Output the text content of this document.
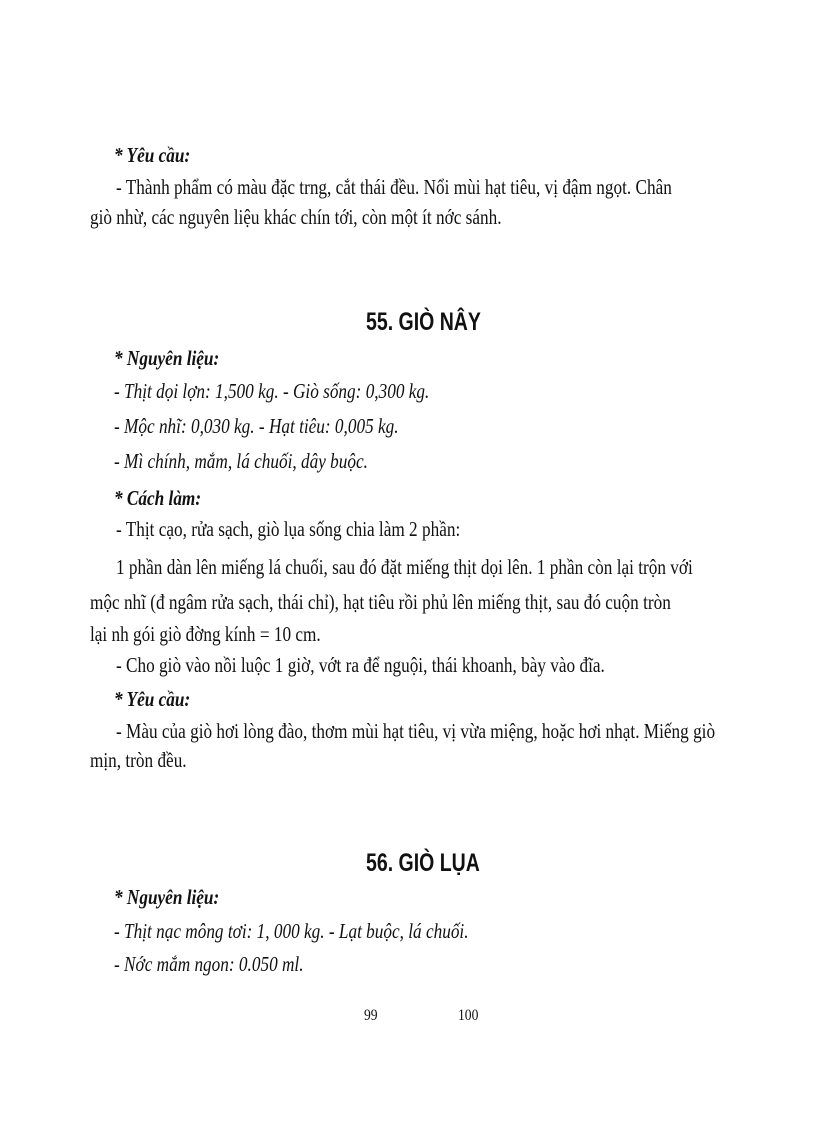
* Yêu cầu:
- Thành phẩm có màu đặc trng, cắt thái đều. Nổi mùi hạt tiêu, vị đậm ngọt. Chân
giò nhừ, các nguyên liệu khác chín tới, còn một ít nớc sánh.
55. GIÒ NÂY
* Nguyên liệu:
- Thịt dọi lợn: 1,500 kg. - Giò sống: 0,300 kg.
- Mộc nhĩ: 0,030 kg. - Hạt tiêu: 0,005 kg.
- Mì chính, mắm, lá chuối, dây buộc.
* Cách làm:
- Thịt cạo, rửa sạch, giò lụa sống chia làm 2 phần:
1 phần dàn lên miếng lá chuối, sau đó đặt miếng thịt dọi lên. 1 phần còn lại trộn với
mộc nhĩ (đ ngâm rửa sạch, thái chỉ), hạt tiêu rồi phủ lên miếng thịt, sau đó cuộn tròn
lại nh gói giò đờng kính = 10 cm.
- Cho giò vào nồi luộc 1 giờ, vớt ra để nguội, thái khoanh, bày vào đĩa.
* Yêu cầu:
- Màu của giò hơi lòng đào, thơm mùi hạt tiêu, vị vừa miệng, hoặc hơi nhạt. Miếng giò
mịn, tròn đều.
56. GIÒ LỤA
* Nguyên liệu:
- Thịt nạc mông tơi: 1, 000 kg. - Lạt buộc, lá chuối.
- Nớc mắm ngon: 0.050 ml.
99	100
